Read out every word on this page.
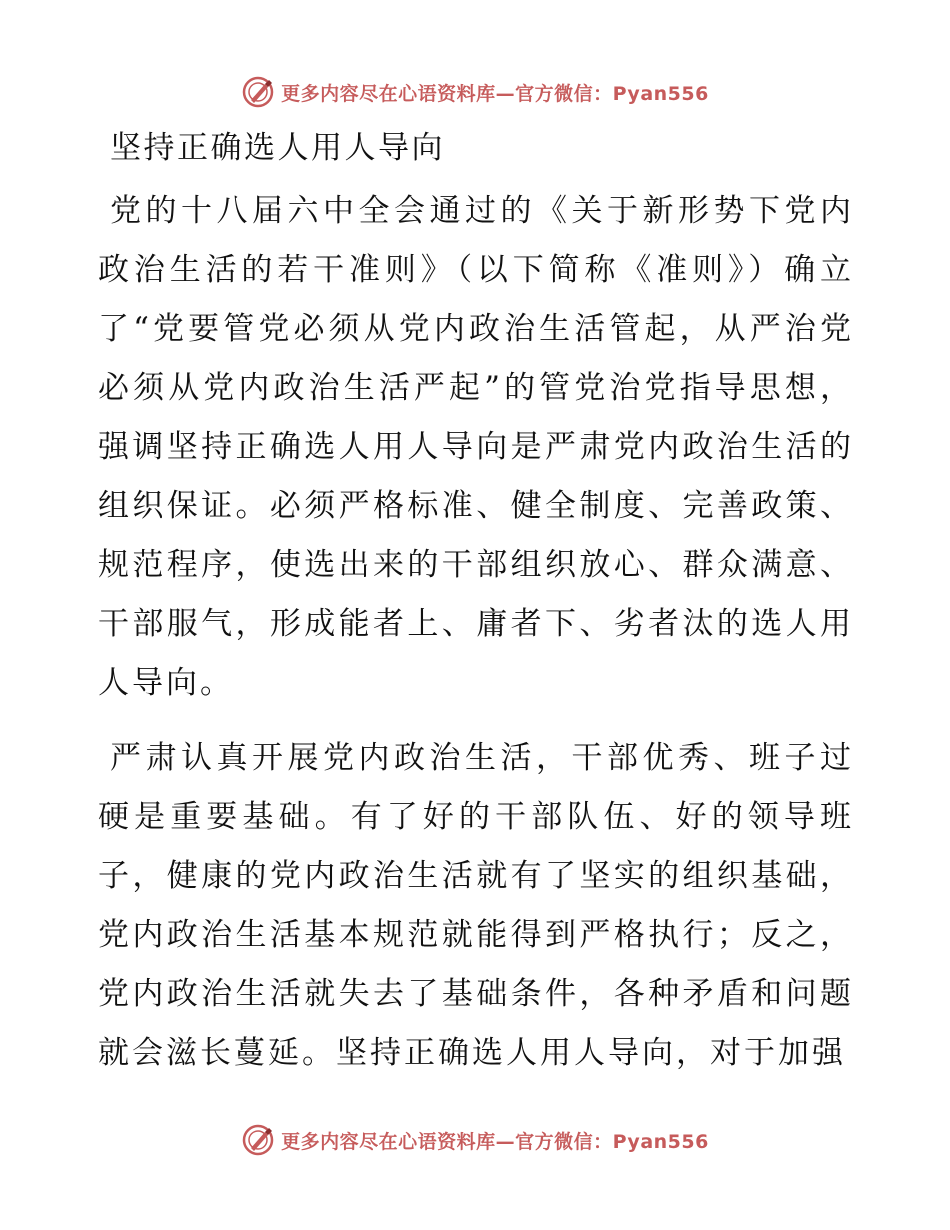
更多内容尽在心语资料库—官方微信：Pyan556
坚持正确选人用人导向

党的十八届六中全会通过的《关于新形势下党内政治生活的若干准则》（以下简称《准则》）确立了“党要管党必须从党内政治生活管起，从严治党必须从党内政治生活严起”的管党治党指导思想，强调坚持正确选人用人导向是严肃党内政治生活的组织保证。必须严格标准、健全制度、完善政策、规范程序，使选出来的干部组织放心、群众满意、干部服气，形成能者上、庸者下、劣者汰的选人用人导向。

严肃认真开展党内政治生活，干部优秀、班子过硬是重要基础。有了好的干部队伍、好的领导班子，健康的党内政治生活就有了坚实的组织基础，党内政治生活基本规范就能得到严格执行；反之，党内政治生活就失去了基础条件，各种矛盾和问题就会滋长蔓延。坚持正确选人用人导向，对于加强

更多内容尽在心语资料库—官方微信：Pyan556
